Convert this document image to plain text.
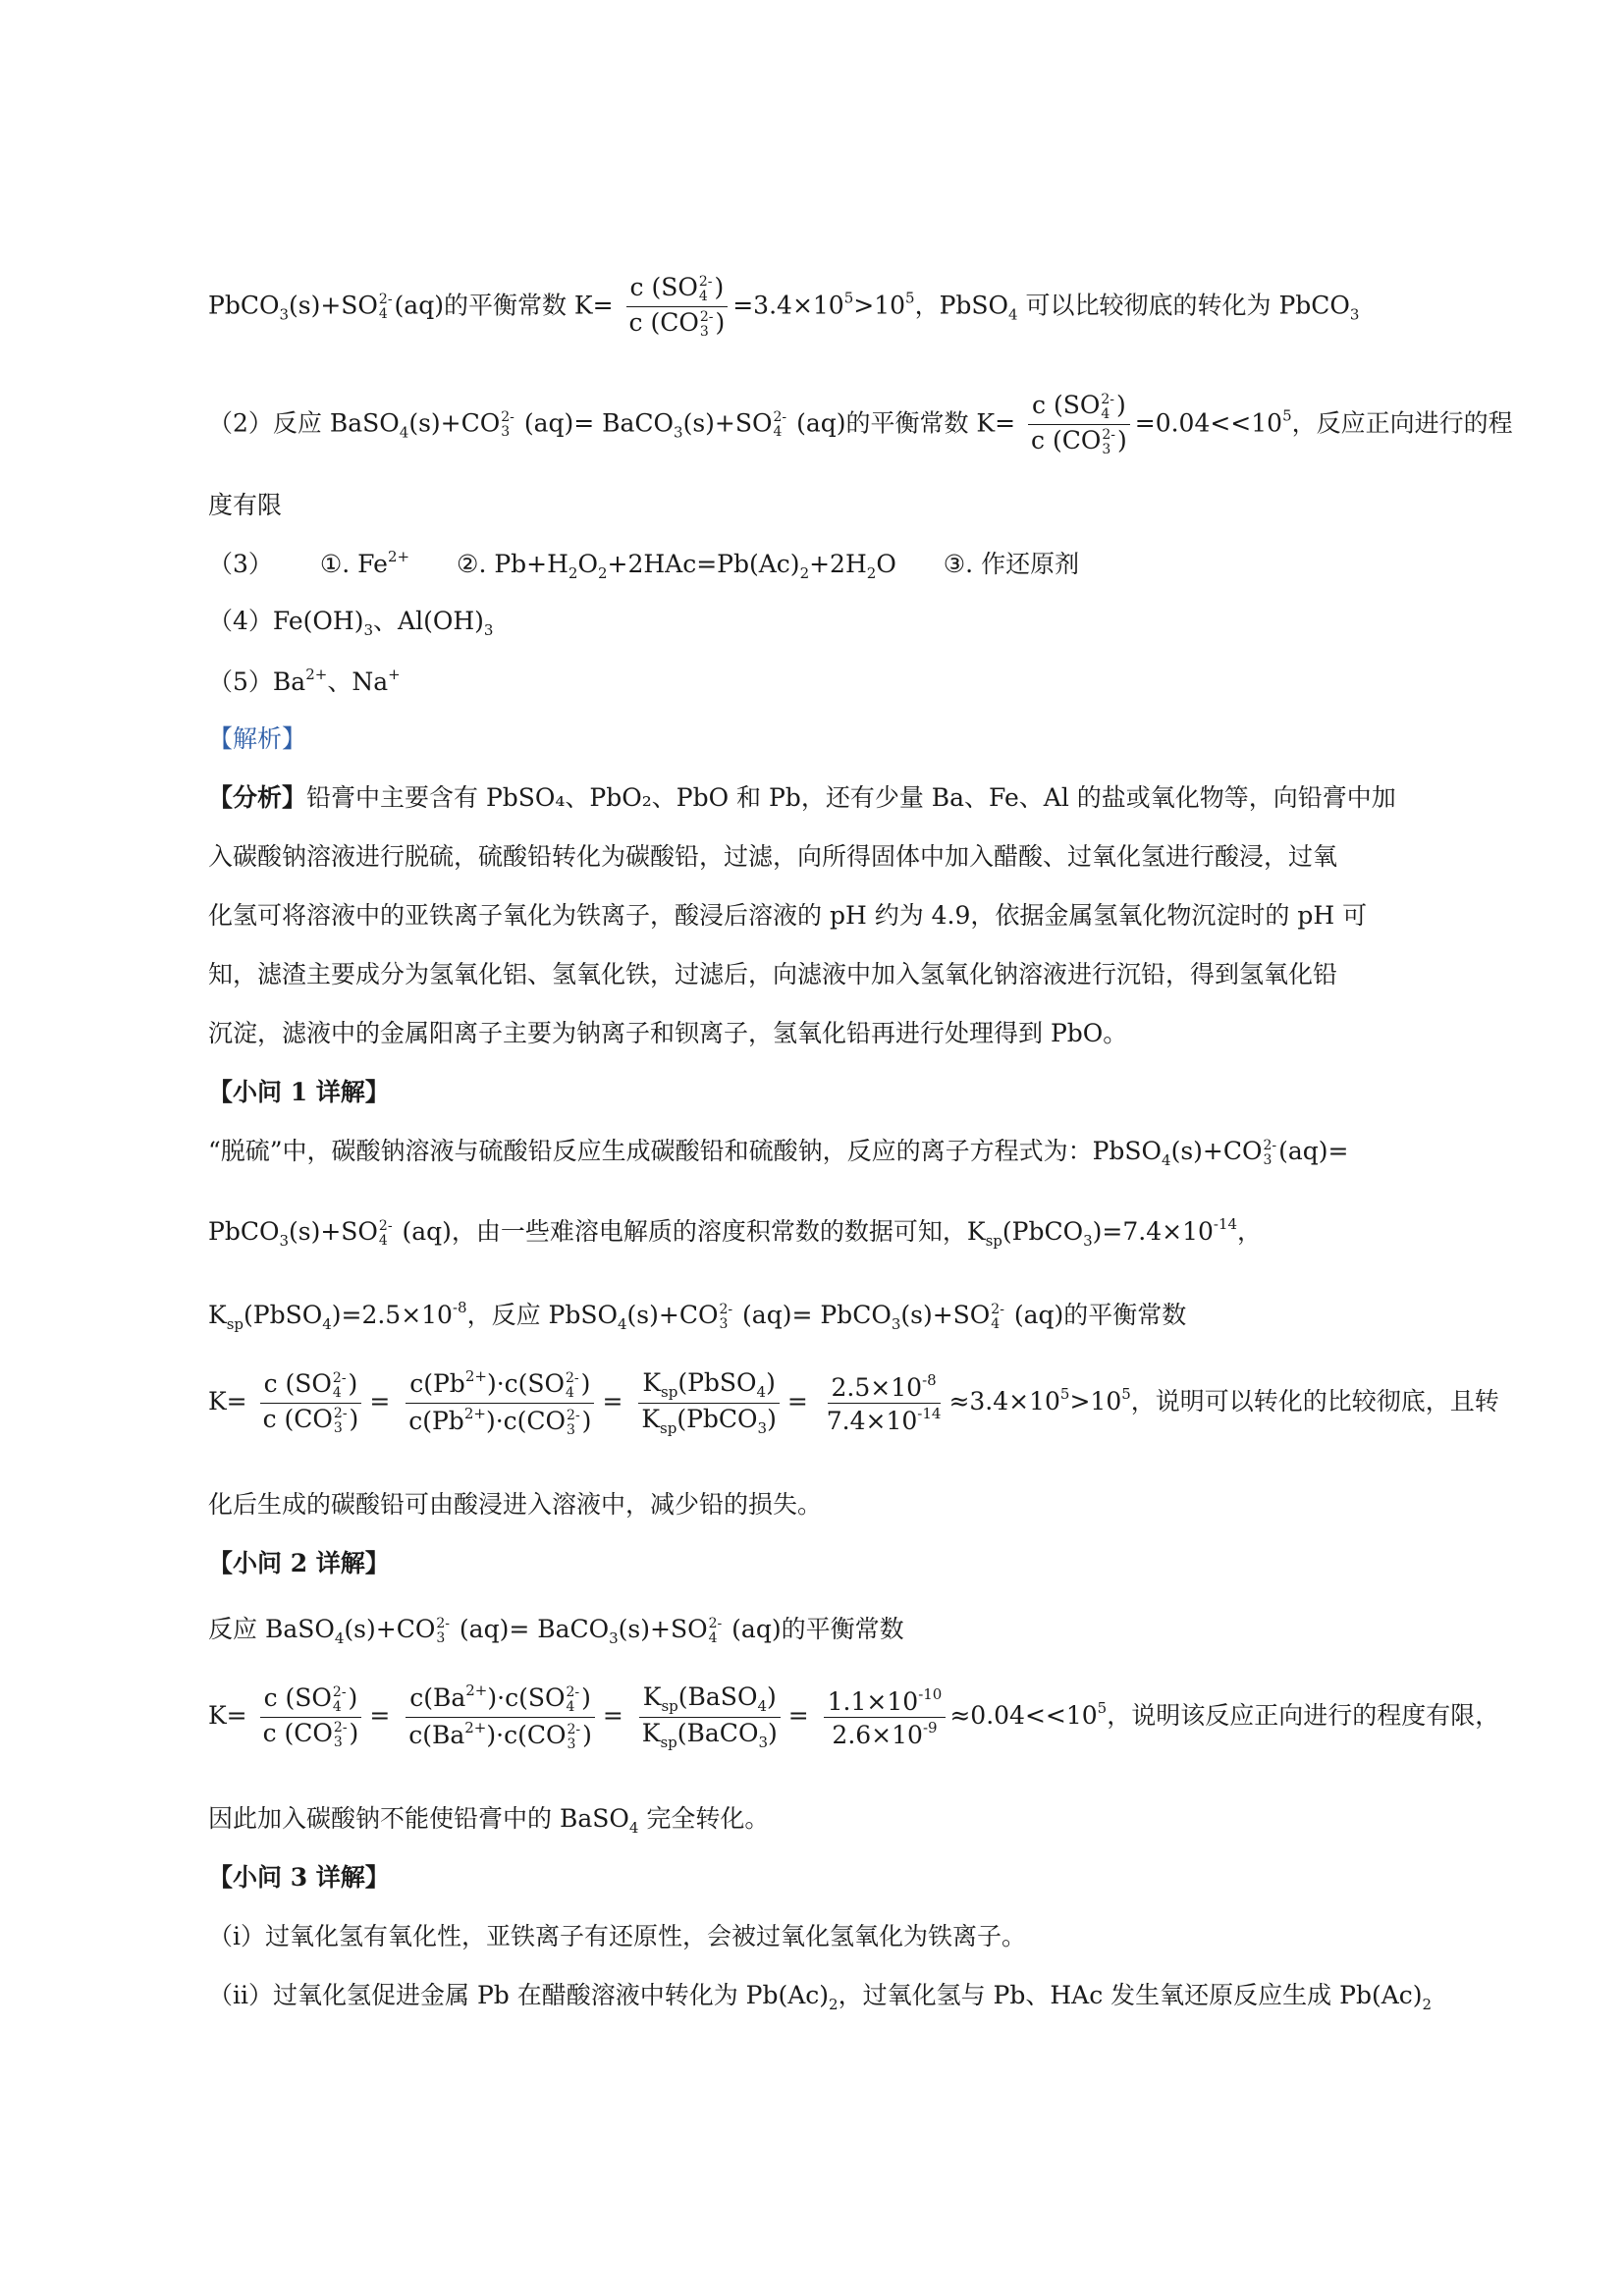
PbCO$_3$(s)+SO 2-
4 (aq)的平衡常数 K= c (SO 2-
4 )
c (CO 2-
3 ) $=3.4\times 10^5>10^5$，PbSO$_4$ 可以比较彻底的转化为 PbCO$_3$
（2）反应 BaSO$_4$(s)+CO 2-
3 (aq)= BaCO$_3$(s)+SO 2-
4 (aq)的平衡常数 K= c (SO 2-
4 )
c (CO 2-
3 ) $=0.04<<10^5$，反应正向进行的程
度有限
（3） ①. $Fe^{2+}$ ②. $Pb+H_2O_2+2HAc=Pb(Ac)_2+2H_2O$ ③. 作还原剂
$(4)Fe(OH)_3$、$Al(OH)_3$
$(5)Ba^{2+}$、Na+
【解析】
【分析】铅膏中主要含有 PbSO₄、PbO₂、PbO 和 Pb，还有少量 Ba、Fe、Al 的盐或氧化物等，向铅膏中加
入碳酸钠溶液进行脱硫，硫酸铅转化为碳酸铅，过滤，向所得固体中加入醋酸、过氧化氢进行酸浸，过氧
化氢可将溶液中的亚铁离子氧化为铁离子，酸浸后溶液的 pH 约为 4.9，依据金属氢氧化物沉淀时的 pH 可
知，滤渣主要成分为氢氧化铝、氢氧化铁，过滤后，向滤液中加入氢氧化钠溶液进行沉铅，得到氢氧化铅
沉淀，滤液中的金属阳离子主要为钠离子和钡离子，氢氧化铅再进行处理得到 PbO。
【小问 1 详解】
“脱硫”中，碳酸钠溶液与硫酸铅反应生成碳酸铅和硫酸钠，反应的离子方程式为：PbSO$_4$(s)+CO 2-
3 (aq)=
PbCO$_3$(s)+SO 2-
4 (aq)，由一些难溶电解质的溶度积常数的数据可知，$K_{sp}(PbCO_3)=7.4\times 10^{-14}$，
$K_{sp}(PbSO_4)=2.5\times 10^{-8}$，反应 PbSO$_4$(s)+CO 2-
3 (aq)= PbCO$_3$(s)+SO 2-
4 (aq)的平衡常数
K= c (SO 2-
4 )
c (CO 2-
3 ) = $c(Pb^{2+})\cdot c(SO$ 2-
4 )
$c(Pb^{2+})\cdot c(CO$ 2-
3 ) = $\frac{K_{sp}(PbSO_4)}{K_{sp}(PbCO_3)} = \frac{2.5\times 10^{-8}}{7.4\times 10^{-14}} \approx 3.4\times 10^5>10^5$，说明可以转化的比较彻底，且转
化后生成的碳酸铅可由酸浸进入溶液中，减少铅的损失。
【小问 2 详解】
反应 BaSO$_4$(s)+CO 2-
3 (aq)= BaCO$_3$(s)+SO 2-
4 (aq)的平衡常数
K= c (SO 2-
4 )
c (CO 2-
3 ) = $c(Ba^{2+})\cdot c(SO$ 2-
4 )
$c(Ba^{2+})\cdot c(CO$ 2-
3 ) = $\frac{K_{sp}(BaSO_4)}{K_{sp}(BaCO_3)} = \frac{1.1\times 10^{-10}}{2.6\times 10^{-9}} \approx 0.04<<10^5$，说明该反应正向进行的程度有限，
因此加入碳酸钠不能使铅膏中的 BaSO$_4$ 完全转化。
【小问 3 详解】
（i）过氧化氢有氧化性，亚铁离子有还原性，会被过氧化氢氧化为铁离子。
（ii）过氧化氢促进金属 Pb 在醋酸溶液中转化为 $Pb(Ac)_2$，过氧化氢与 Pb、HAc 发生氧还原反应生成 $Pb(Ac)_2$
